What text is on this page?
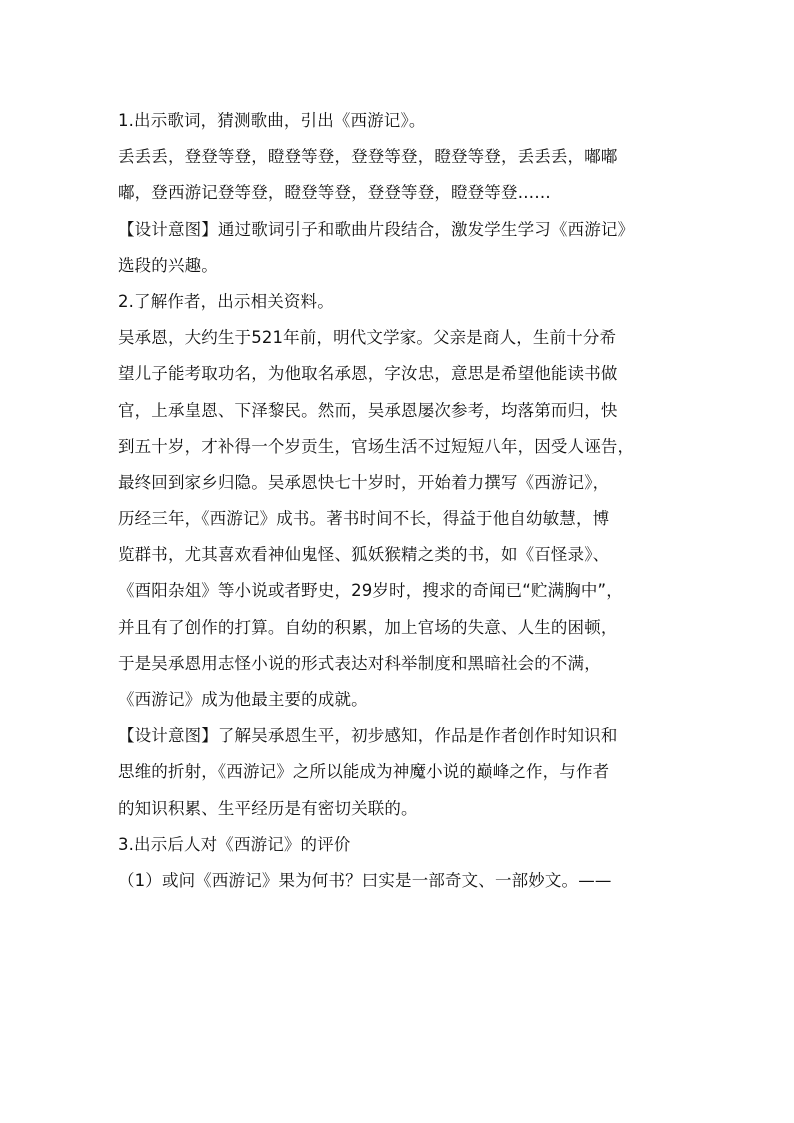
1.出示歌词，猜测歌曲，引出《西游记》。
丢丢丢，登登等登，瞪登等登，登登等登，瞪登等登，丢丢丢，嘟嘟
嘟，登西游记登等登，瞪登等登，登登等登，瞪登等登……
【设计意图】通过歌词引子和歌曲片段结合，激发学生学习《西游记》
选段的兴趣。
2.了解作者，出示相关资料。
吴承恩，大约生于521年前，明代文学家。父亲是商人，生前十分希
望儿子能考取功名，为他取名承恩，字汝忠，意思是希望他能读书做
官，上承皇恩、下泽黎民。然而，吴承恩屡次参考，均落第而归，快
到五十岁，才补得一个岁贡生，官场生活不过短短八年，因受人诬告，
最终回到家乡归隐。吴承恩快七十岁时，开始着力撰写《西游记》，
历经三年，《西游记》成书。著书时间不长，得益于他自幼敏慧，博
览群书，尤其喜欢看神仙鬼怪、狐妖猴精之类的书，如《百怪录》、
《酉阳杂俎》等小说或者野史，29岁时，搜求的奇闻已“贮满胸中”，
并且有了创作的打算。自幼的积累，加上官场的失意、人生的困顿，
于是吴承恩用志怪小说的形式表达对科举制度和黑暗社会的不满，
《西游记》成为他最主要的成就。
【设计意图】了解吴承恩生平，初步感知，作品是作者创作时知识和
思维的折射，《西游记》之所以能成为神魔小说的巅峰之作，与作者
的知识积累、生平经历是有密切关联的。
3.出示后人对《西游记》的评价
（1）或问《西游记》果为何书？曰实是一部奇文、一部妙文。——
